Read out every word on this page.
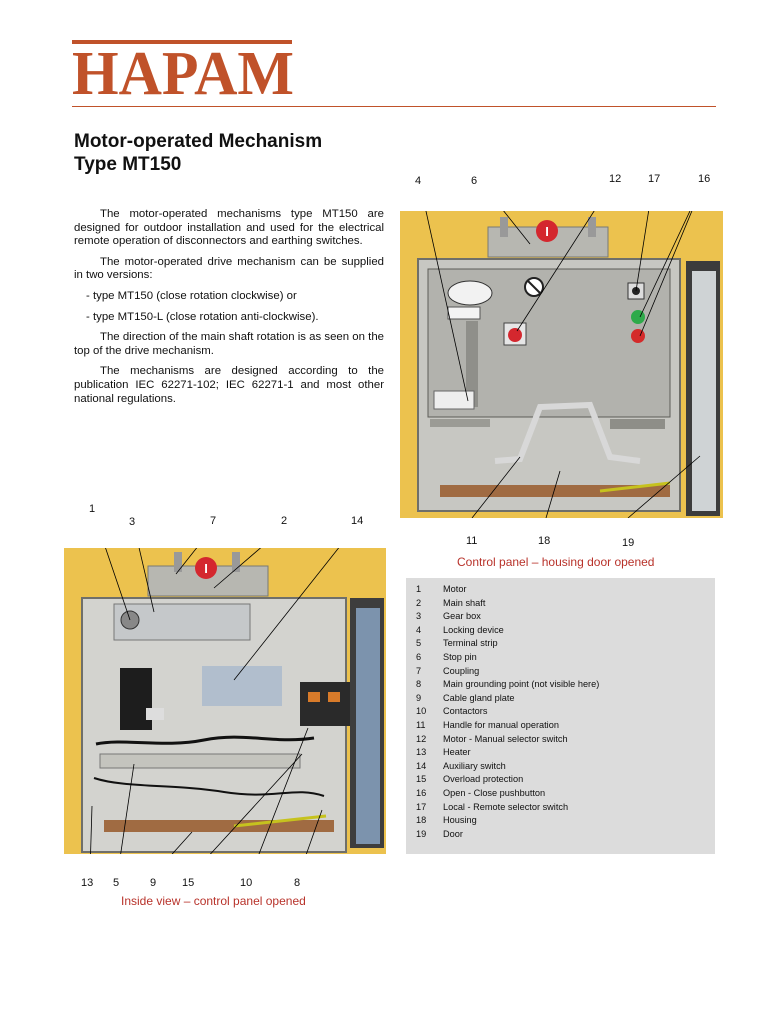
HAPAM
Motor-operated Mechanism
Type MT150

The motor-operated mechanisms type MT150 are designed for outdoor installation and used for the electrical remote operation of disconnectors and earthing switches.

The motor-operated drive mechanism can be supplied in two versions:

- type MT150 (close rotation clockwise) or

- type MT150-L (close rotation anti-clockwise).

The direction of the main shaft rotation is as seen on the top of the drive mechanism.

The mechanisms are designed according to the publication IEC 62271-102; IEC 62271-1 and most other national regulations.

4	6	12 17	16
I
11	18	19
Control panel – housing door opened
1
3	7	2	14
I
13 5	9 15	10	8
Inside view – control panel opened
1	Motor
2	Main shaft
3	Gear box
4	Locking device
5	Terminal strip
6	Stop pin
7	Coupling
8	Main grounding point (not visible here)
9	Cable gland plate
10	Contactors
11	Handle for manual operation
12	Motor - Manual selector switch
13	Heater
14	Auxiliary switch
15	Overload protection
16	Open - Close pushbutton
17	Local - Remote selector switch
18	Housing
19	Door
